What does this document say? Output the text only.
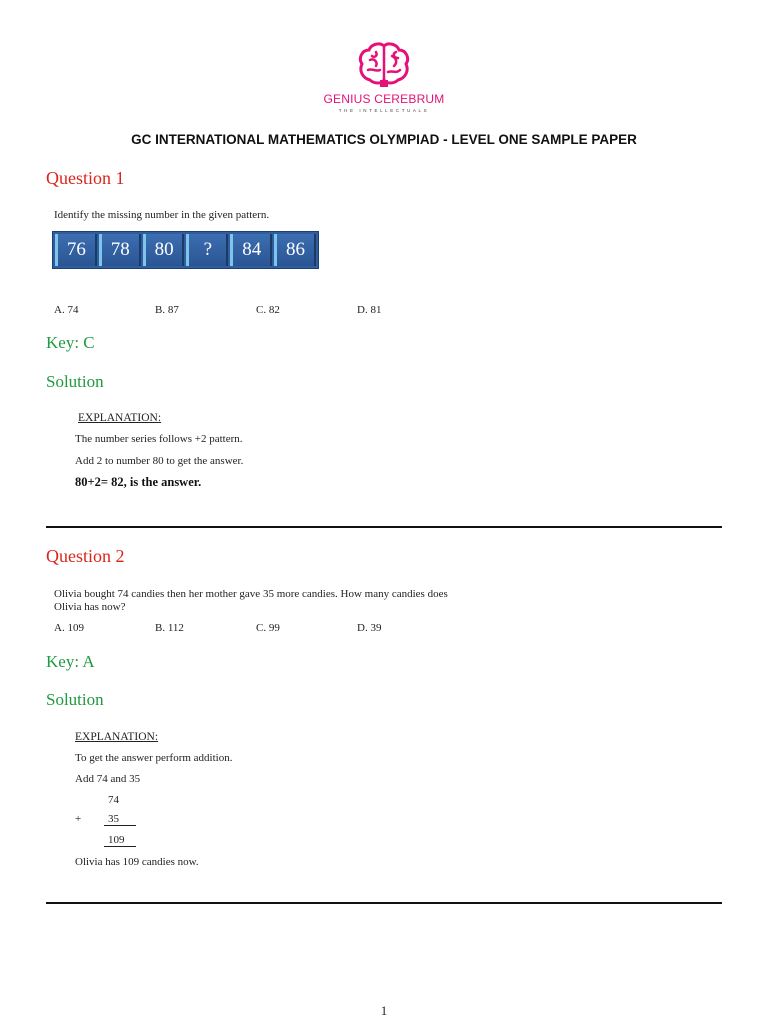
GENIUS CEREBRUM
THE INTELLECTUALS
GC INTERNATIONAL MATHEMATICS OLYMPIAD - LEVEL ONE SAMPLE PAPER
Question 1
Identify the missing number in the given pattern.
76	78	80	?	84	86
A. 74	B. 87	C. 82	D. 81
Key: C
Solution
EXPLANATION:
The number series follows +2 pattern.
Add 2 to number 80 to get the answer.
80+2= 82, is the answer.
Question 2
Olivia bought 74 candies then her mother gave 35 more candies. How many candies does
Olivia has now?
A. 109	B. 112	C. 99	D. 39
Key: A
Solution
EXPLANATION:
To get the answer perform addition.
Add 74 and 35
74
+	35
109
Olivia has 109 candies now.
1
